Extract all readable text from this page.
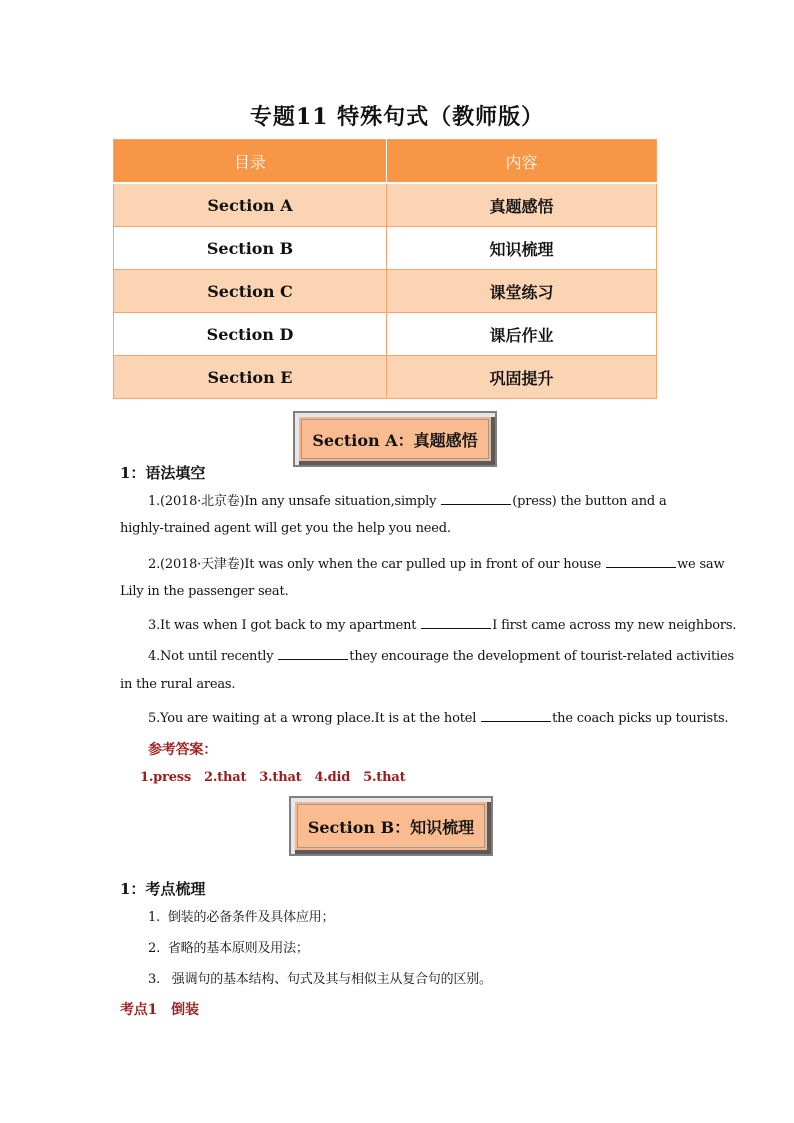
专题11 特殊句式（教师版）
目录	内容
Section A	真题感悟
Section B	知识梳理
Section C	课堂练习
Section D	课后作业
Section E	巩固提升
Section A：真题感悟
1：语法填空
1.(2018·北京卷)In any unsafe situation,simply	(press) the button and a
highly-trained agent will get you the help you need.
2.(2018·天津卷)It was only when the car pulled up in front of our house	we saw
Lily in the passenger seat.
3.It was when I got back to my apartment	I first came across my new neighbors.
4.Not until recently	they encourage the development of tourist-related activities
in the rural areas.
5.You are waiting at a wrong place.It is at the hotel	the coach picks up tourists.
参考答案：
1.press   2.that   3.that   4.did   5.that
Section B：知识梳理
1：考点梳理
1.  倒装的必备条件及具体应用；
2.  省略的基本原则及用法；
3.   强调句的基本结构、句式及其与相似主从复合句的区别。
考点1   倒装
